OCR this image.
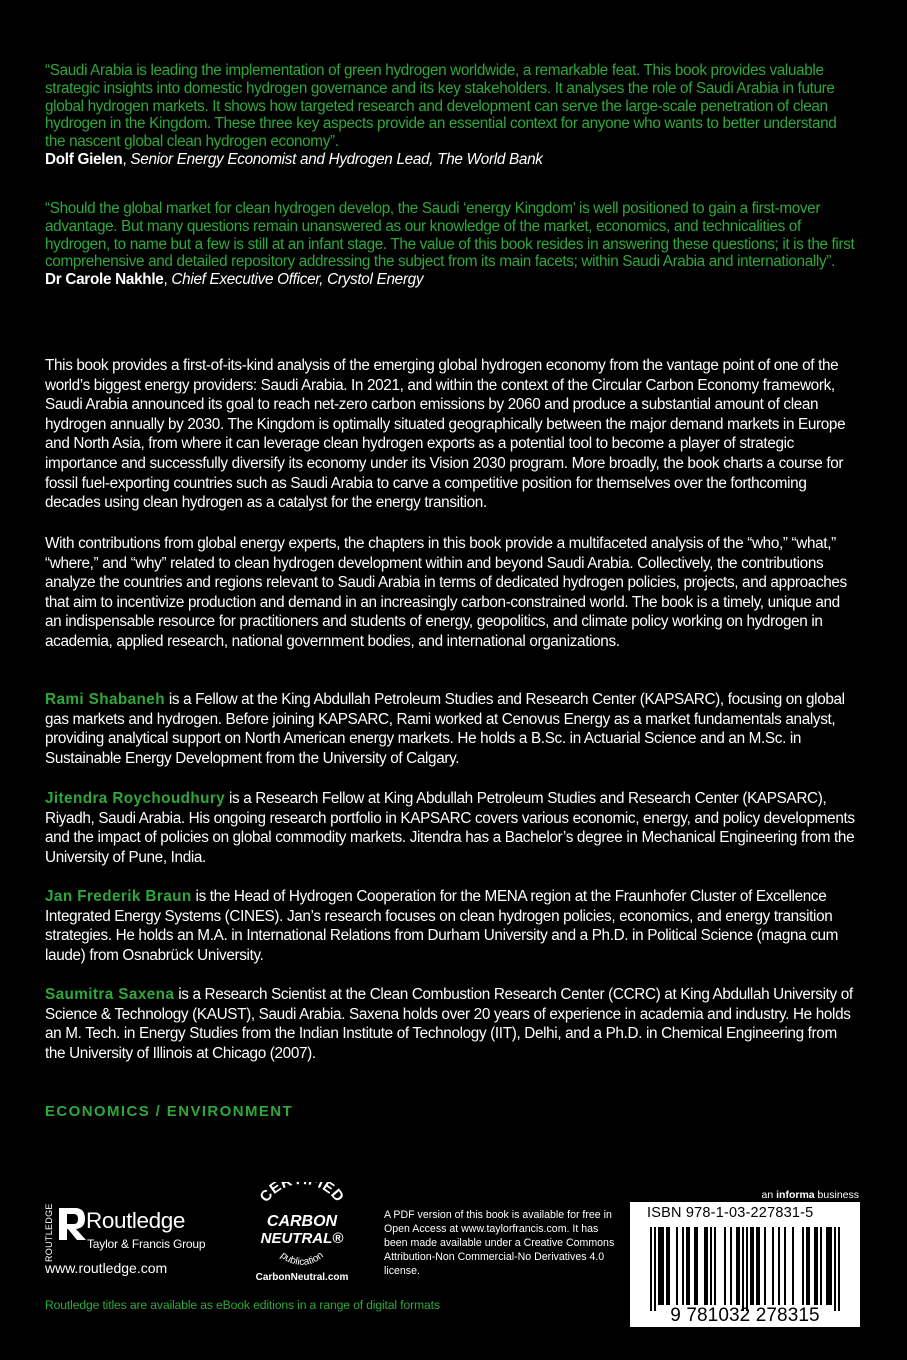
“Saudi Arabia is leading the implementation of green hydrogen worldwide, a remarkable feat. This book provides valuable strategic insights into domestic hydrogen governance and its key stakeholders. It analyses the role of Saudi Arabia in future global hydrogen markets. It shows how targeted research and development can serve the large-scale penetration of clean hydrogen in the Kingdom. These three key aspects provide an essential context for anyone who wants to better understand the nascent global clean hydrogen economy”.

Dolf Gielen, Senior Energy Economist and Hydrogen Lead, The World Bank

“Should the global market for clean hydrogen develop, the Saudi ‘energy Kingdom’ is well positioned to gain a first-mover advantage. But many questions remain unanswered as our knowledge of the market, economics, and technicalities of hydrogen, to name but a few is still at an infant stage. The value of this book resides in answering these questions; it is the first comprehensive and detailed repository addressing the subject from its main facets; within Saudi Arabia and internationally”.

Dr Carole Nakhle, Chief Executive Officer, Crystol Energy

This book provides a first-of-its-kind analysis of the emerging global hydrogen economy from the vantage point of one of the world’s biggest energy providers: Saudi Arabia. In 2021, and within the context of the Circular Carbon Economy framework, Saudi Arabia announced its goal to reach net-zero carbon emissions by 2060 and produce a substantial amount of clean hydrogen annually by 2030. The Kingdom is optimally situated geographically between the major demand markets in Europe and North Asia, from where it can leverage clean hydrogen exports as a potential tool to become a player of strategic importance and successfully diversify its economy under its Vision 2030 program. More broadly, the book charts a course for fossil fuel-exporting countries such as Saudi Arabia to carve a competitive position for themselves over the forthcoming decades using clean hydrogen as a catalyst for the energy transition.

With contributions from global energy experts, the chapters in this book provide a multifaceted analysis of the “who,” “what,” “where,” and “why” related to clean hydrogen development within and beyond Saudi Arabia. Collectively, the contributions analyze the countries and regions relevant to Saudi Arabia in terms of dedicated hydrogen policies, projects, and approaches that aim to incentivize production and demand in an increasingly carbon-constrained world. The book is a timely, unique and an indispensable resource for practitioners and students of energy, geopolitics, and climate policy working on hydrogen in academia, applied research, national government bodies, and international organizations.

Rami Shabaneh is a Fellow at the King Abdullah Petroleum Studies and Research Center (KAPSARC), focusing on global gas markets and hydrogen. Before joining KAPSARC, Rami worked at Cenovus Energy as a market fundamentals analyst, providing analytical support on North American energy markets. He holds a B.Sc. in Actuarial Science and an M.Sc. in Sustainable Energy Development from the University of Calgary.

Jitendra Roychoudhury is a Research Fellow at King Abdullah Petroleum Studies and Research Center (KAPSARC), Riyadh, Saudi Arabia. His ongoing research portfolio in KAPSARC covers various economic, energy, and policy developments and the impact of policies on global commodity markets. Jitendra has a Bachelor’s degree in Mechanical Engineering from the University of Pune, India.

Jan Frederik Braun is the Head of Hydrogen Cooperation for the MENA region at the Fraunhofer Cluster of Excellence Integrated Energy Systems (CINES). Jan’s research focuses on clean hydrogen policies, economics, and energy transition strategies. He holds an M.A. in International Relations from Durham University and a Ph.D. in Political Science (magna cum laude) from Osnabrück University.

Saumitra Saxena is a Research Scientist at the Clean Combustion Research Center (CCRC) at King Abdullah University of Science & Technology (KAUST), Saudi Arabia. Saxena holds over 20 years of experience in academia and industry. He holds an M. Tech. in Energy Studies from the Indian Institute of Technology (IIT), Delhi, and a Ph.D. in Chemical Engineering from the University of Illinois at Chicago (2007).

ECONOMICS / ENVIRONMENT
ROUTLEDGE Routledge
Taylor & Francis Group
www.routledge.com
CER IED
CARBON
NEUTRAL®
publication
CarbonNeutral.com

A PDF version of this book is available for free in Open Access at www.taylorfrancis.com. It has been made available under a Creative Commons Attribution-Non Commercial-No Derivatives 4.0 license.

an informa business
ISBN 978-1-03-227831-5
9 781032 278315
Routledge titles are available as eBook editions in a range of digital formats
